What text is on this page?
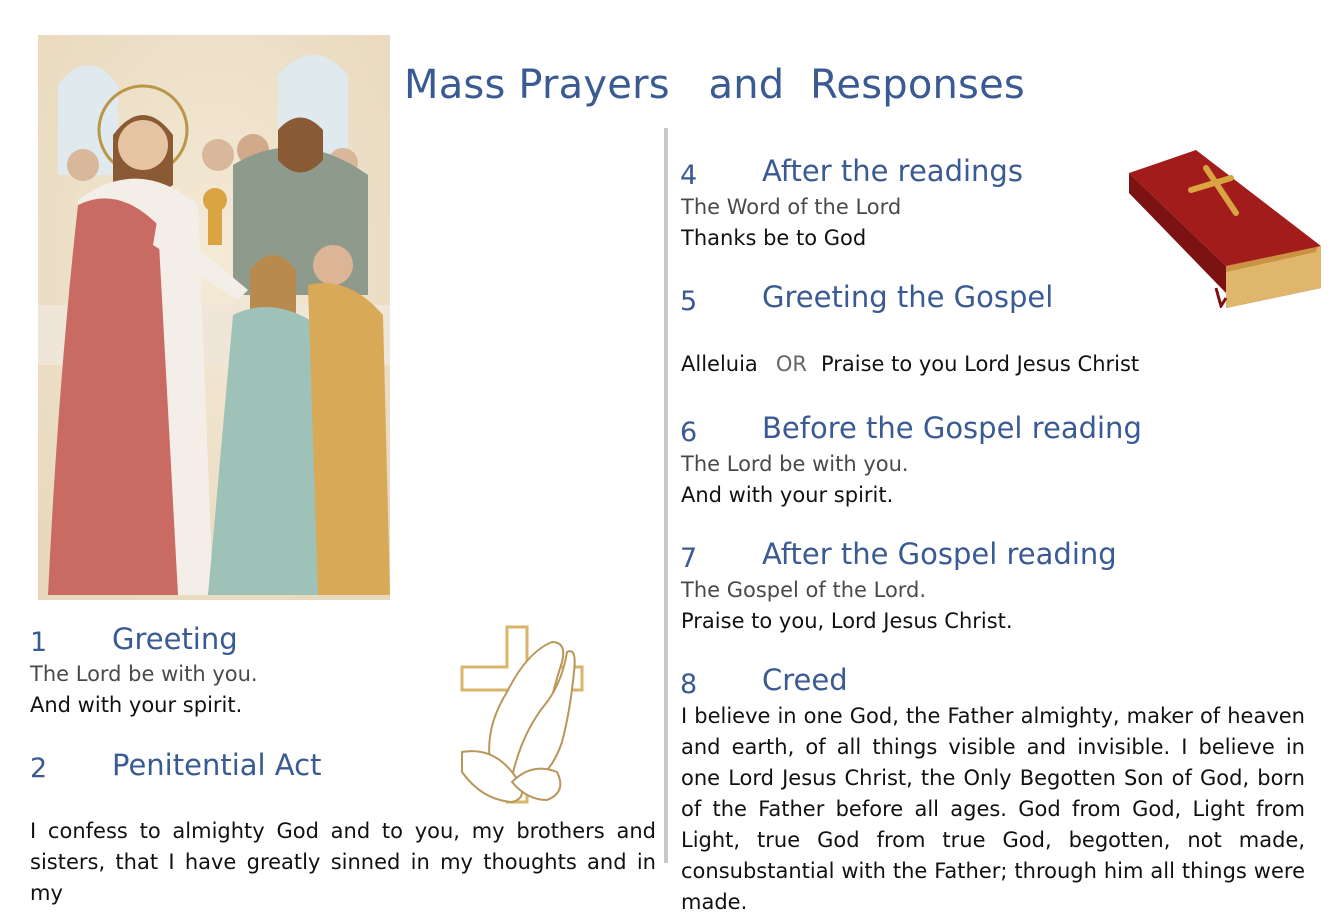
Mass Prayers   and  Responses
1 Greeting
The Lord be with you.
And with your spirit.
2 Penitential Act
I confess to almighty God and to you, my brothers and sisters, that I have greatly sinned in my thoughts and in my
4 After the readings
The Word of the Lord
Thanks be to God
5 Greeting the Gospel
Alleluia OR Praise to you Lord Jesus Christ
6 Before the Gospel reading
The Lord be with you.
And with your spirit.
7 After the Gospel reading
The Gospel of the Lord.
Praise to you, Lord Jesus Christ.
8 Creed
I believe in one God, the Father almighty, maker of heaven and earth, of all things visible and invisible. I believe in one Lord Jesus Christ, the Only Begotten Son of God, born of the Father before all ages. God from God, Light from Light, true God from true God, begotten, not made, consubstantial with the Father; through him all things were made.
